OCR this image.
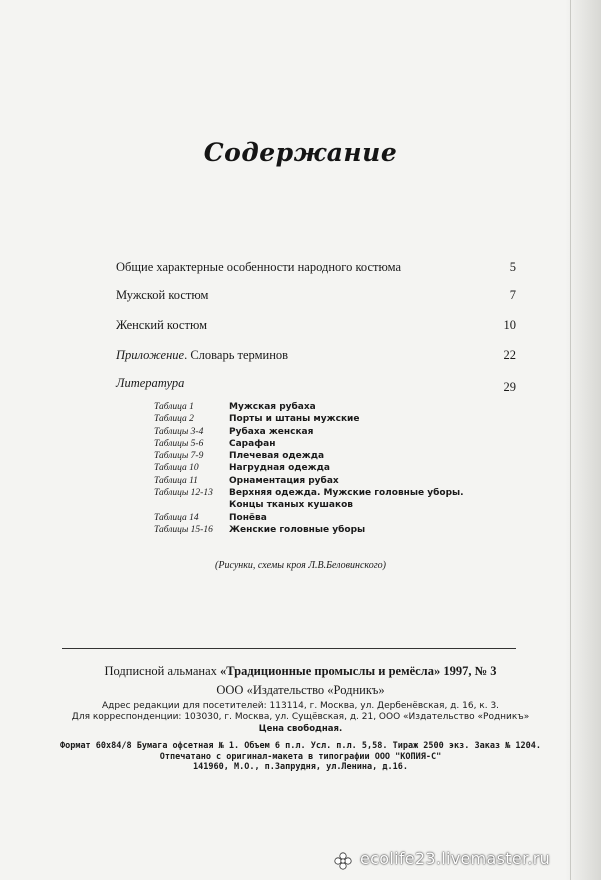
Содержание
Общие характерные особенности народного костюма	5
Мужской костюм	7
Женский костюм	10
Приложение. Словарь терминов	22
Литература	29
Таблица 1	Мужская рубаха
Таблица 2	Порты и штаны мужские
Таблицы 3-4	Рубаха женская
Таблицы 5-6	Сарафан
Таблицы 7-9	Плечевая одежда
Таблица 10	Нагрудная одежда
Таблица 11	Орнаментация рубах
Таблицы 12-13 Верхняя одежда. Мужские головные уборы.
Концы тканых кушаков
Таблица 14	Понёва
Таблицы 15-16 Женские головные уборы
(Рисунки, схемы кроя Л.В.Беловинского)
Подписной альманах «Традиционные промыслы и ремёсла» 1997, № 3
ООО «Издательство «Родникъ»
Адрес редакции для посетителей: 113114, г. Москва, ул. Дербенёвская, д. 16, к. 3.
Для корреспонденции: 103030, г. Москва, ул. Сущёвская, д. 21, ООО «Издательство «Родникъ»
Цена свободная.
Формат 60х84/8 Бумага офсетная № 1. Объем 6 п.л. Усл. п.л. 5,58. Тираж 2500 экз. Заказ № 1204.
Отпечатано с оригинал-макета в типографии ООО "КОПИЯ-С"
141960, М.О., п.Запрудня, ул.Ленина, д.16.
ecolife23.livemaster.ru
